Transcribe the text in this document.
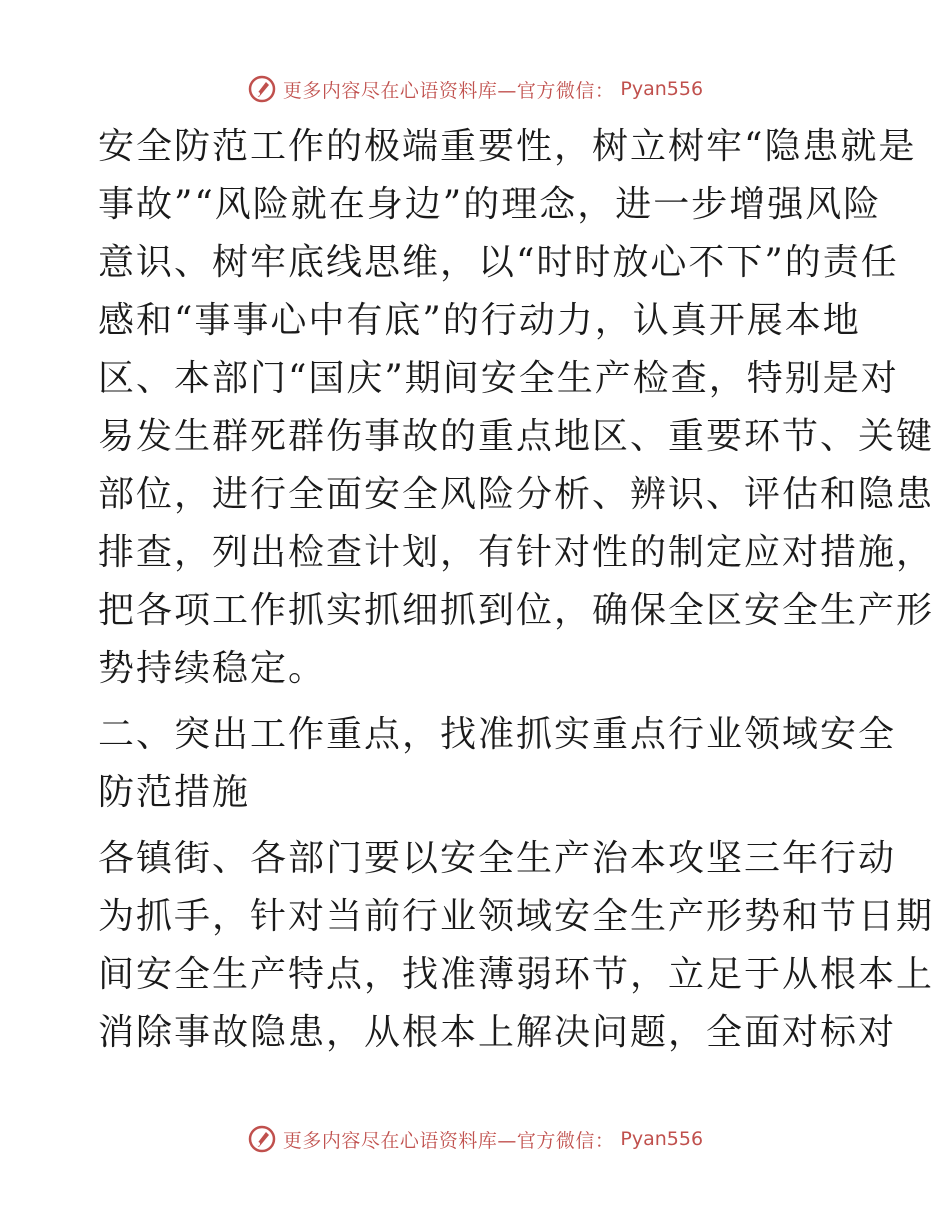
更多内容尽在心语资料库—官方微信： Pyan556

安全防范工作的极端重要性，树立树牢“隐患就是
事故”“风险就在身边”的理念，进一步增强风险
意识、树牢底线思维，以“时时放心不下”的责任
感和“事事心中有底”的行动力，认真开展本地
区、本部门“国庆”期间安全生产检查，特别是对
易发生群死群伤事故的重点地区、重要环节、关键
部位，进行全面安全风险分析、辨识、评估和隐患
排查，列出检查计划，有针对性的制定应对措施，
把各项工作抓实抓细抓到位，确保全区安全生产形
势持续稳定。

二、突出工作重点，找准抓实重点行业领域安全
防范措施

各镇街、各部门要以安全生产治本攻坚三年行动
为抓手，针对当前行业领域安全生产形势和节日期
间安全生产特点，找准薄弱环节，立足于从根本上
消除事故隐患，从根本上解决问题，全面对标对

更多内容尽在心语资料库—官方微信： Pyan556
